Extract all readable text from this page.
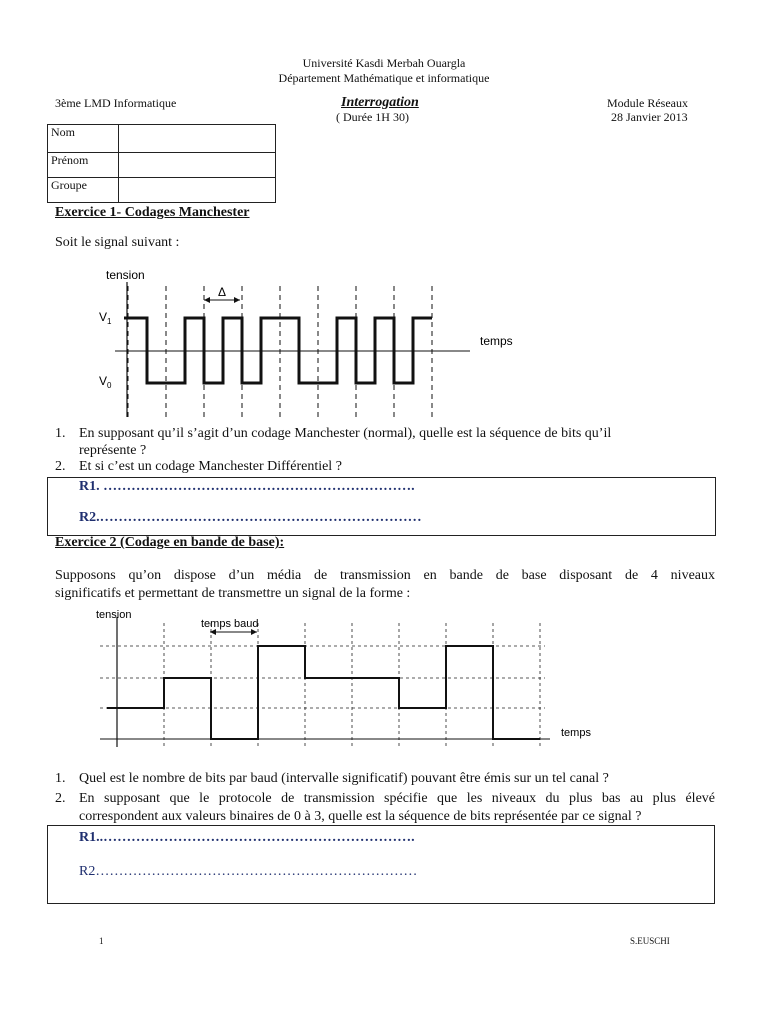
Université Kasdi Merbah Ouargla
Département Mathématique et informatique
3ème LMD Informatique	Interrogation
( Durée 1H 30)
Module Réseaux
28 Janvier 2013
Nom	
Prénom	
Groupe	
Exercice 1- Codages Manchester
Soit le signal suivant :
tension
temps
$V_1$
$V_0$
Δ
1. En supposant qu’il s’agit d’un codage Manchester (normal), quelle est la séquence de bits qu’il
représente ?
2. Et si c’est un codage Manchester Différentiel ?
R1. ………………………………………………………….
R2.……………………………………………………………
Exercice 2 (Codage en bande de base):
Supposons qu’on dispose d’un média de transmission en bande de base disposant de 4 niveaux
significatifs et permettant de transmettre un signal de la forme :
tension
temps
temps baud
1. Quel est le nombre de bits par baud (intervalle significatif) pouvant être émis sur un tel canal ?
2. En supposant que le protocole de transmission spécifie que les niveaux du plus bas au plus élevé
correspondent aux valeurs binaires de 0 à 3, quelle est la séquence de bits représentée par ce signal ?
R1..………………………………………………………….
R2……………………………………………………………
1	S.EUSCHI
